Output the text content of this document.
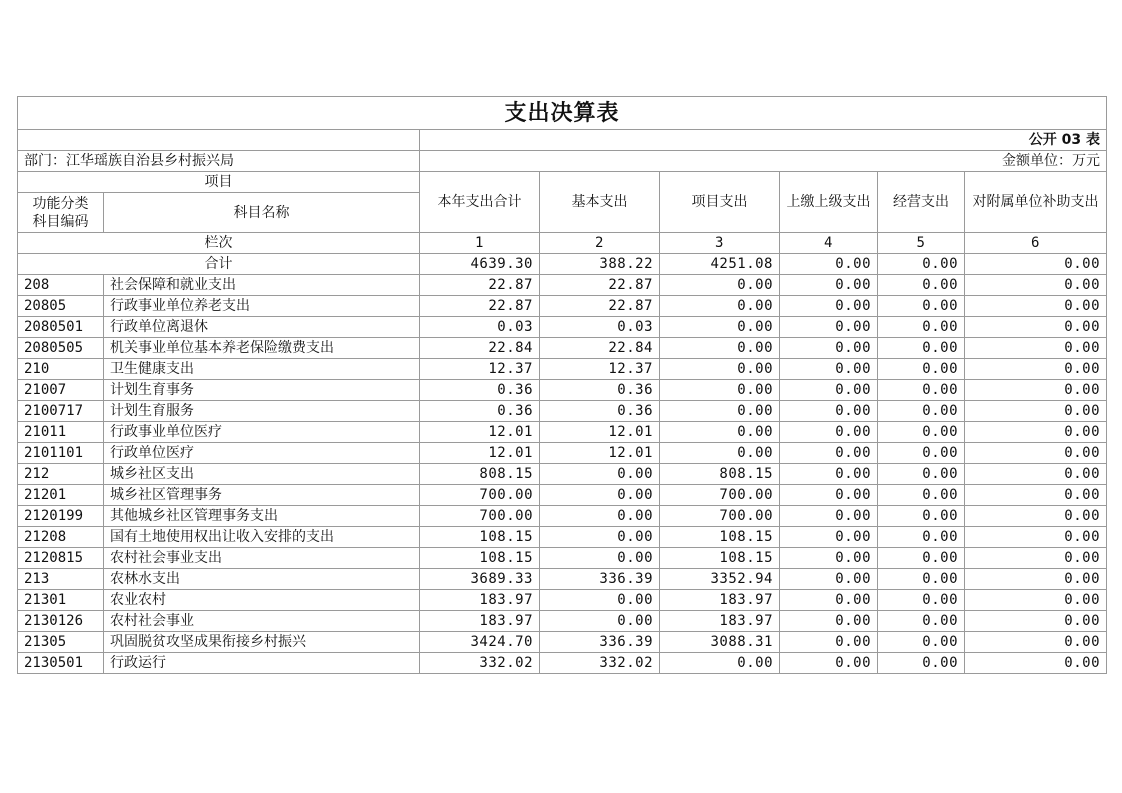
支出决算表							
		公开 03 表					
部门：江华瑶族自治县乡村振兴局		金额单位：万元					
项目		本年支出合计	基本支出	项目支出	上缴上级支出	经营支出	对附属单位补助支出
功能分类
科目编码	科目名称						
栏次		1	2	3	4	5	6
合计		4639.30	388.22	4251.08	0.00	0.00	0.00
208	社会保障和就业支出	22.87	22.87	0.00	0.00	0.00	0.00
20805	行政事业单位养老支出	22.87	22.87	0.00	0.00	0.00	0.00
2080501	行政单位离退休	0.03	0.03	0.00	0.00	0.00	0.00
2080505	机关事业单位基本养老保险缴费支出	22.84	22.84	0.00	0.00	0.00	0.00
210	卫生健康支出	12.37	12.37	0.00	0.00	0.00	0.00
21007	计划生育事务	0.36	0.36	0.00	0.00	0.00	0.00
2100717	计划生育服务	0.36	0.36	0.00	0.00	0.00	0.00
21011	行政事业单位医疗	12.01	12.01	0.00	0.00	0.00	0.00
2101101	行政单位医疗	12.01	12.01	0.00	0.00	0.00	0.00
212	城乡社区支出	808.15	0.00	808.15	0.00	0.00	0.00
21201	城乡社区管理事务	700.00	0.00	700.00	0.00	0.00	0.00
2120199	其他城乡社区管理事务支出	700.00	0.00	700.00	0.00	0.00	0.00
21208	国有土地使用权出让收入安排的支出	108.15	0.00	108.15	0.00	0.00	0.00
2120815	农村社会事业支出	108.15	0.00	108.15	0.00	0.00	0.00
213	农林水支出	3689.33	336.39	3352.94	0.00	0.00	0.00
21301	农业农村	183.97	0.00	183.97	0.00	0.00	0.00
2130126	农村社会事业	183.97	0.00	183.97	0.00	0.00	0.00
21305	巩固脱贫攻坚成果衔接乡村振兴	3424.70	336.39	3088.31	0.00	0.00	0.00
2130501	行政运行	332.02	332.02	0.00	0.00	0.00	0.00
